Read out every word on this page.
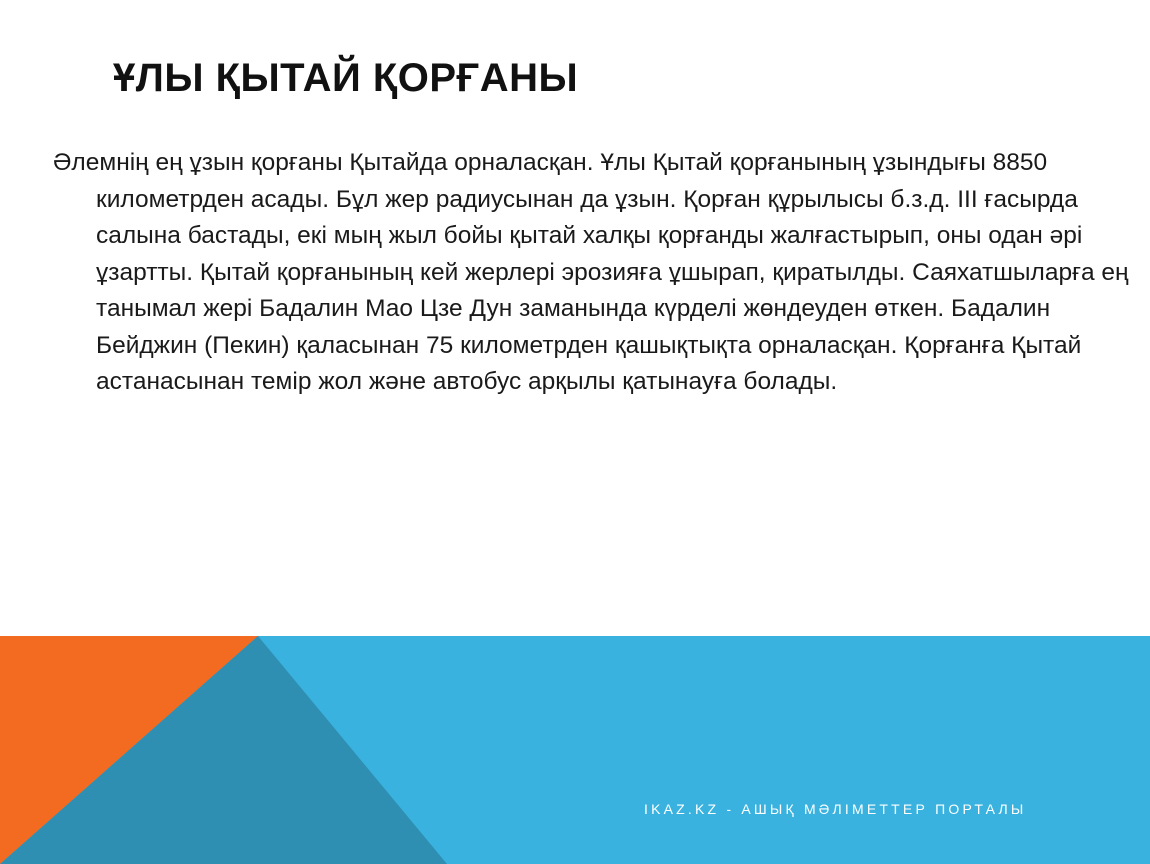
ҰЛЫ ҚЫТАЙ ҚОРҒАНЫ

Әлемнің ең ұзын қорғаны Қытайда орналасқан. Ұлы Қытай қорғанының ұзындығы 8850 километрден асады. Бұл жер радиусынан да ұзын. Қорған құрылысы б.з.д. III ғасырда салына бастады, екі мың жыл бойы қытай халқы қорғанды жалғастырып, оны одан әрі ұзартты. Қытай қорғанының кей жерлері эрозияға ұшырап, қиратылды. Саяхатшыларға ең танымал жері Бадалин Мао Цзе Дун заманында күрделі жөндеуден өткен. Бадалин Бейджин (Пекин) қаласынан 75 километрден қашықтықта орналасқан. Қорғанға Қытай астанасынан темір жол және автобус арқылы қатынауға болады.

IKAZ.KZ - АШЫҚ МӘЛІМЕТТЕР ПОРТАЛЫ
